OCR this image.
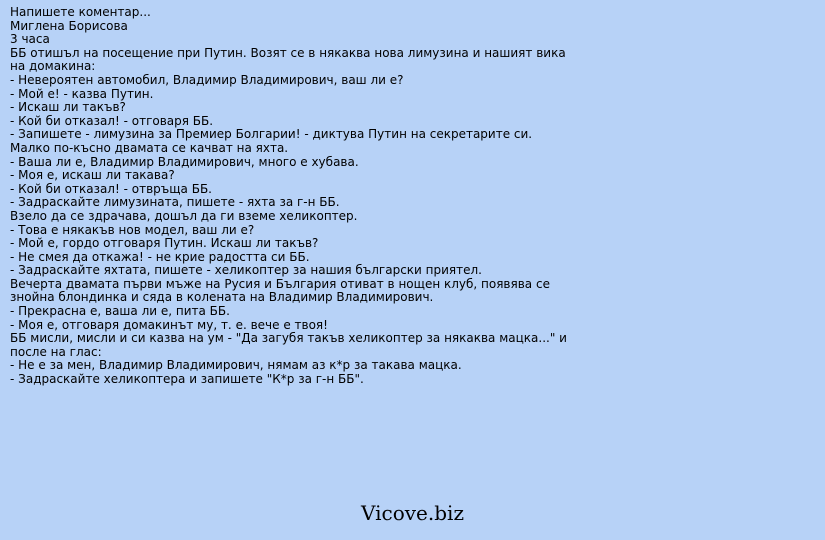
Напишете коментар...
Миглена Борисова
3 часа
ББ отишъл на посещение при Путин. Возят се в някаква нова лимузина и нашият вика
на домакина:
- Невероятен автомобил, Владимир Владимирович, ваш ли е?
- Мой е! - казва Путин.
- Искаш ли такъв?
- Кой би отказал! - отговаря ББ.
- Запишете - лимузина за Премиер Болгарии! - диктува Путин на секретарите си.
Малко по-късно двамата се качват на яхта.
- Ваша ли е, Владимир Владимирович, много е хубава.
- Моя е, искаш ли такава?
- Кой би отказал! - отвръща ББ.
- Задраскайте лимузината, пишете - яхта за г-н ББ.
Взело да се здрачава, дошъл да ги вземе хеликоптер.
- Това е някакъв нов модел, ваш ли е?
- Мой е, гордо отговаря Путин. Искаш ли такъв?
- Не смея да откажа! - не крие радостта си ББ.
- Задраскайте яхтата, пишете - хеликоптер за нашия български приятел.
Вечерта двамата първи мъже на Русия и България отиват в нощен клуб, появява се
знойна блондинка и сяда в колената на Владимир Владимирович.
- Прекрасна е, ваша ли е, пита ББ.
- Моя е, отговаря домакинът му, т. е. вече е твоя!
ББ мисли, мисли и си казва на ум - "Да загубя такъв хеликоптер за някаква мацка..." и
после на глас:
- Не е за мен, Владимир Владимирович, нямам аз к*р за такава мацка.
- Задраскайте хеликоптера и запишете "К*р за г-н ББ".
Vicove.biz
